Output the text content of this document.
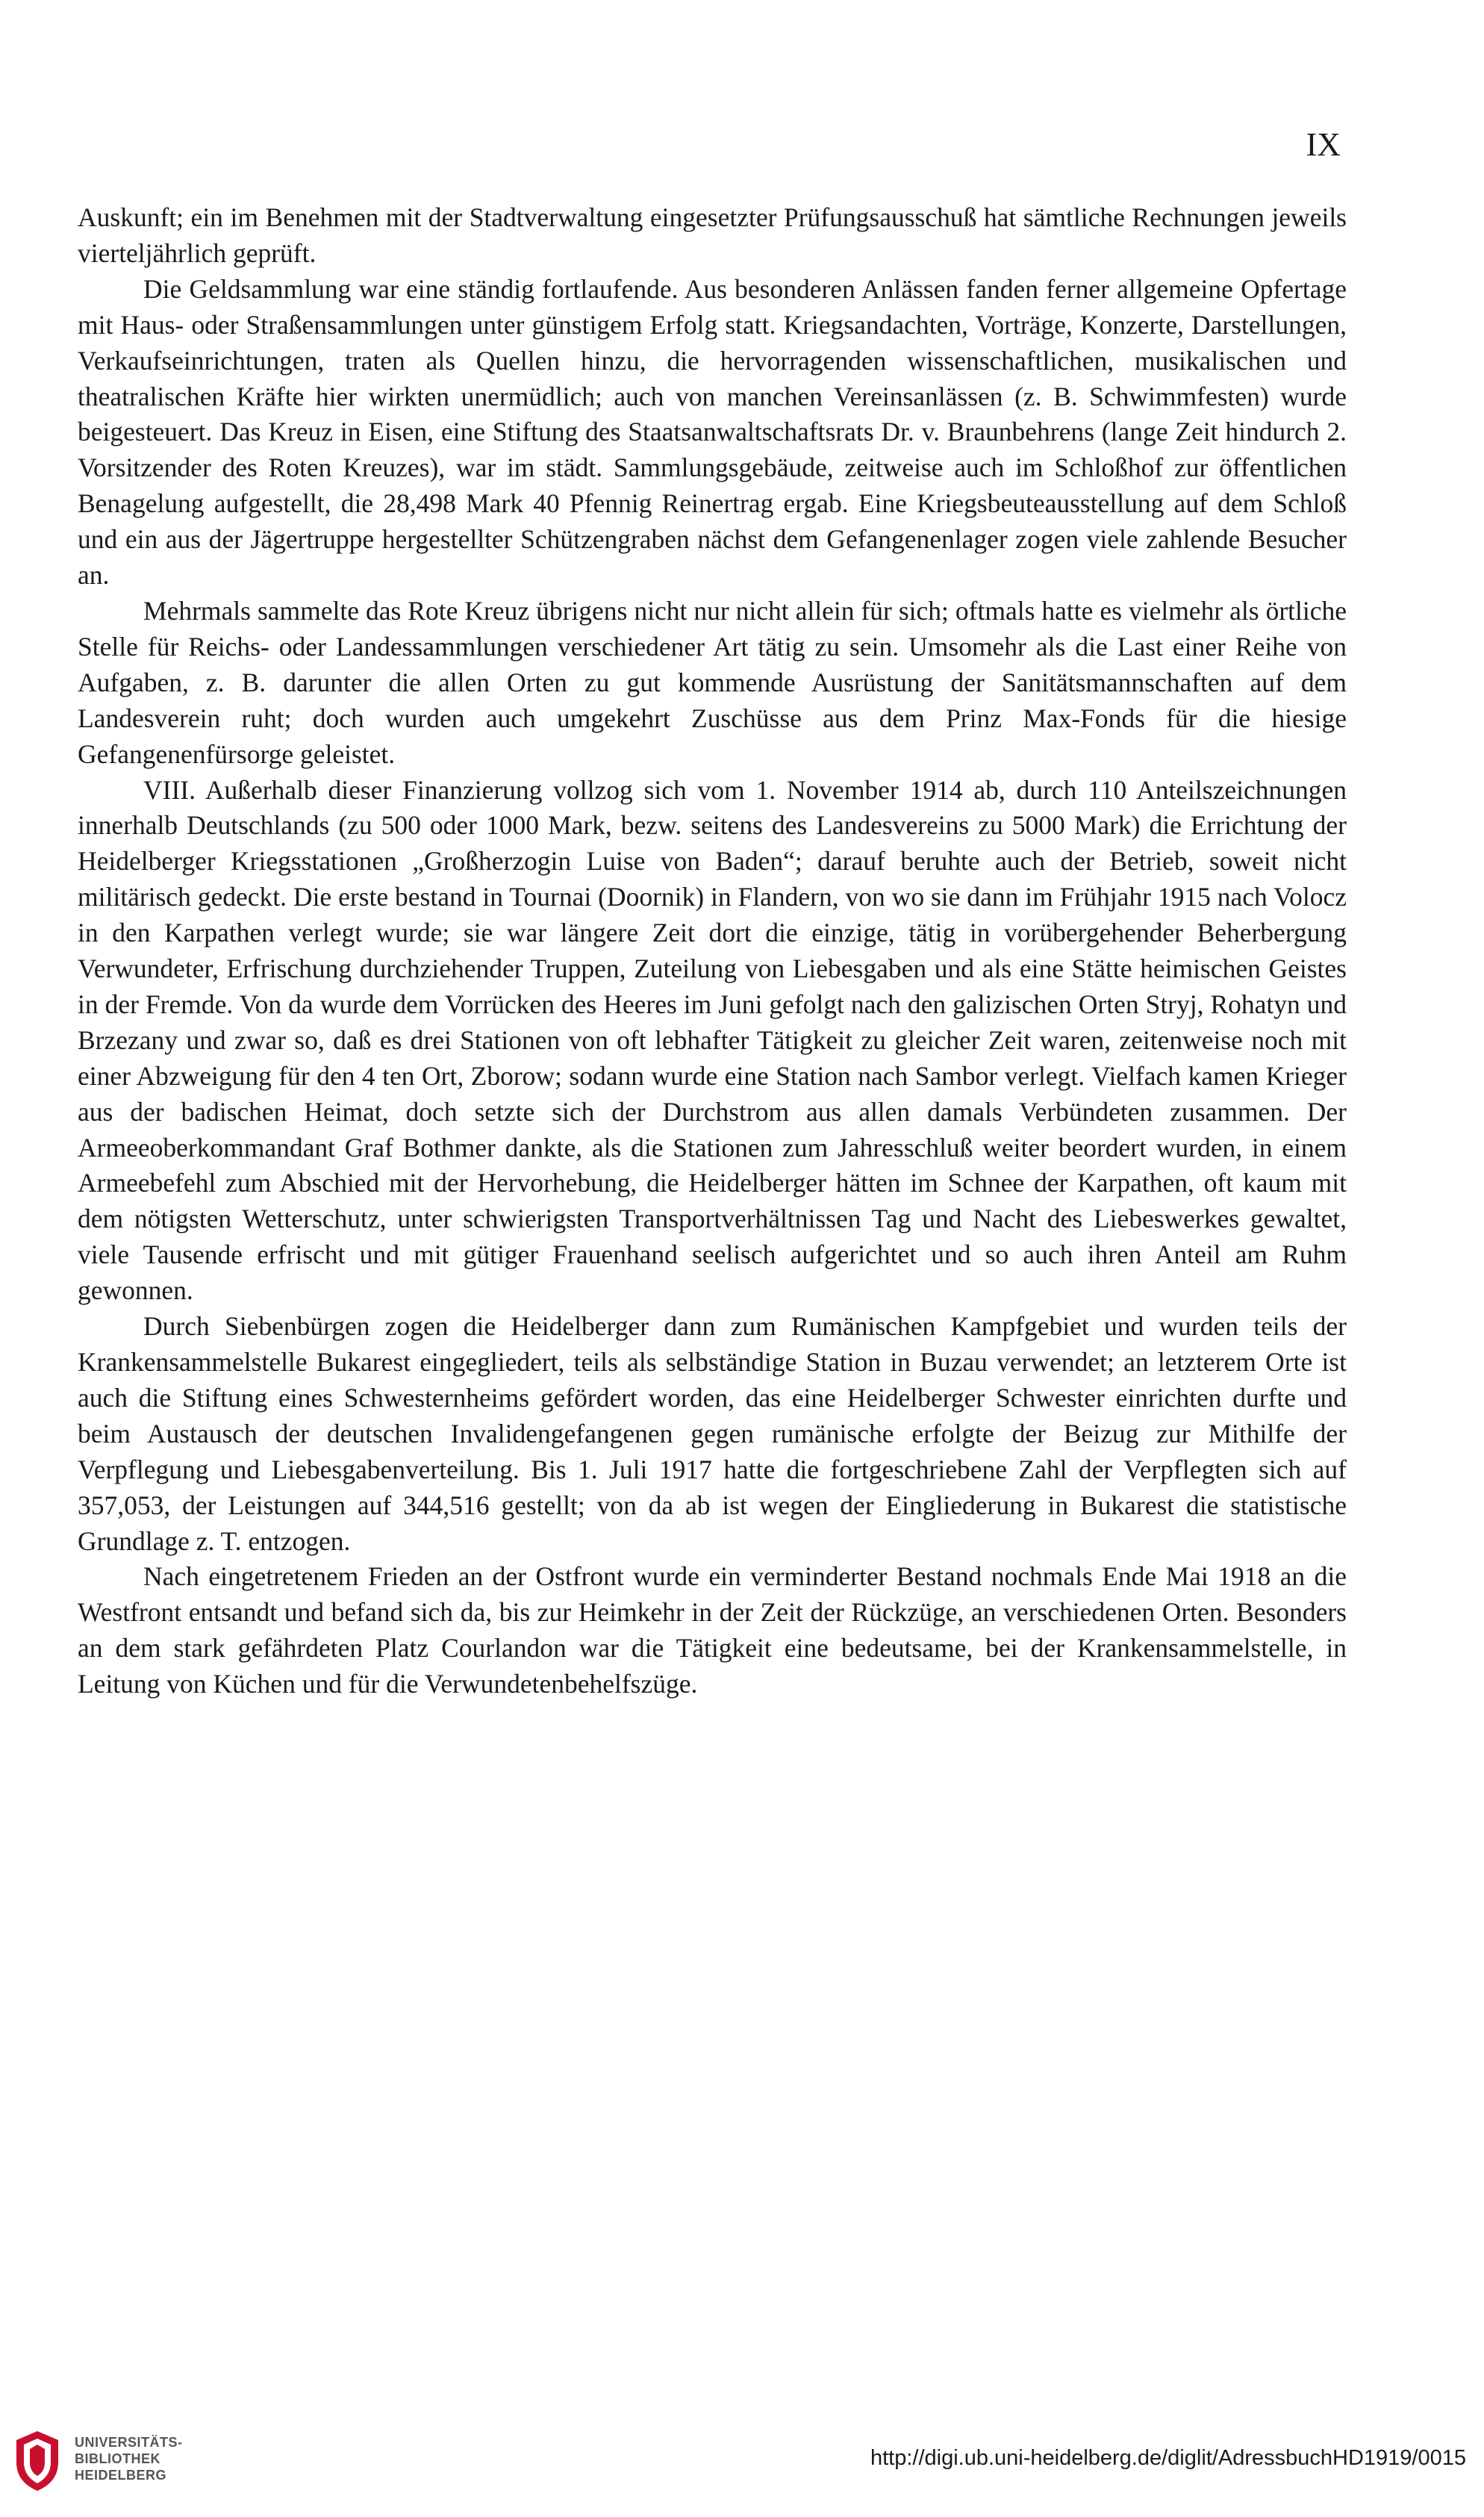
IX

Auskunft; ein im Benehmen mit der Stadtverwaltung eingesetzter Prüfungsausschuß hat sämtliche Rechnungen jeweils vierteljährlich geprüft.

Die Geldsammlung war eine ständig fortlaufende. Aus besonderen Anlässen fanden ferner allgemeine Opfertage mit Haus- oder Straßensammlungen unter günstigem Erfolg statt. Kriegsandachten, Vorträge, Konzerte, Darstellungen, Verkaufseinrichtungen, traten als Quellen hinzu, die hervorragenden wissenschaftlichen, musikalischen und theatralischen Kräfte hier wirkten unermüdlich; auch von manchen Vereinsanlässen (z. B. Schwimmfesten) wurde beigesteuert. Das Kreuz in Eisen, eine Stiftung des Staatsanwaltschaftsrats Dr. v. Braunbehrens (lange Zeit hindurch 2. Vorsitzender des Roten Kreuzes), war im städt. Sammlungsgebäude, zeitweise auch im Schloßhof zur öffentlichen Benagelung aufgestellt, die 28,498 Mark 40 Pfennig Reinertrag ergab. Eine Kriegsbeuteausstellung auf dem Schloß und ein aus der Jägertruppe hergestellter Schützengraben nächst dem Gefangenenlager zogen viele zahlende Besucher an.

Mehrmals sammelte das Rote Kreuz übrigens nicht nur nicht allein für sich; oftmals hatte es vielmehr als örtliche Stelle für Reichs- oder Landessammlungen verschiedener Art tätig zu sein. Umsomehr als die Last einer Reihe von Aufgaben, z. B. darunter die allen Orten zu gut kommende Ausrüstung der Sanitätsmannschaften auf dem Landesverein ruht; doch wurden auch umgekehrt Zuschüsse aus dem Prinz Max-Fonds für die hiesige Gefangenenfürsorge geleistet.

VIII. Außerhalb dieser Finanzierung vollzog sich vom 1. November 1914 ab, durch 110 Anteilszeichnungen innerhalb Deutschlands (zu 500 oder 1000 Mark, bezw. seitens des Landesvereins zu 5000 Mark) die Errichtung der Heidelberger Kriegsstationen „Großherzogin Luise von Baden“; darauf beruhte auch der Betrieb, soweit nicht militärisch gedeckt. Die erste bestand in Tournai (Doornik) in Flandern, von wo sie dann im Frühjahr 1915 nach Volocz in den Karpathen verlegt wurde; sie war längere Zeit dort die einzige, tätig in vorübergehender Beherbergung Verwundeter, Erfrischung durchziehender Truppen, Zuteilung von Liebesgaben und als eine Stätte heimischen Geistes in der Fremde. Von da wurde dem Vorrücken des Heeres im Juni gefolgt nach den galizischen Orten Stryj, Rohatyn und Brzezany und zwar so, daß es drei Stationen von oft lebhafter Tätigkeit zu gleicher Zeit waren, zeitenweise noch mit einer Abzweigung für den 4 ten Ort, Zborow; sodann wurde eine Station nach Sambor verlegt. Vielfach kamen Krieger aus der badischen Heimat, doch setzte sich der Durchstrom aus allen damals Verbündeten zusammen. Der Armeeoberkommandant Graf Bothmer dankte, als die Stationen zum Jahresschluß weiter beordert wurden, in einem Armeebefehl zum Abschied mit der Hervorhebung, die Heidelberger hätten im Schnee der Karpathen, oft kaum mit dem nötigsten Wetterschutz, unter schwierigsten Transportverhältnissen Tag und Nacht des Liebeswerkes gewaltet, viele Tausende erfrischt und mit gütiger Frauenhand seelisch aufgerichtet und so auch ihren Anteil am Ruhm gewonnen.

Durch Siebenbürgen zogen die Heidelberger dann zum Rumänischen Kampfgebiet und wurden teils der Krankensammelstelle Bukarest eingegliedert, teils als selbständige Station in Buzau verwendet; an letzterem Orte ist auch die Stiftung eines Schwesternheims gefördert worden, das eine Heidelberger Schwester einrichten durfte und beim Austausch der deutschen Invalidengefangenen gegen rumänische erfolgte der Beizug zur Mithilfe der Verpflegung und Liebesgabenverteilung. Bis 1. Juli 1917 hatte die fortgeschriebene Zahl der Verpflegten sich auf 357,053, der Leistungen auf 344,516 gestellt; von da ab ist wegen der Eingliederung in Bukarest die statistische Grundlage z. T. entzogen.

Nach eingetretenem Frieden an der Ostfront wurde ein verminderter Bestand nochmals Ende Mai 1918 an die Westfront entsandt und befand sich da, bis zur Heimkehr in der Zeit der Rückzüge, an verschiedenen Orten. Besonders an dem stark gefährdeten Platz Courlandon war die Tätigkeit eine bedeutsame, bei der Krankensammelstelle, in Leitung von Küchen und für die Verwundetenbehelfszüge.

UNIVERSITÄTS-
BIBLIOTHEK
HEIDELBERG
http://digi.ub.uni-heidelberg.de/diglit/AdressbuchHD1919/0015
